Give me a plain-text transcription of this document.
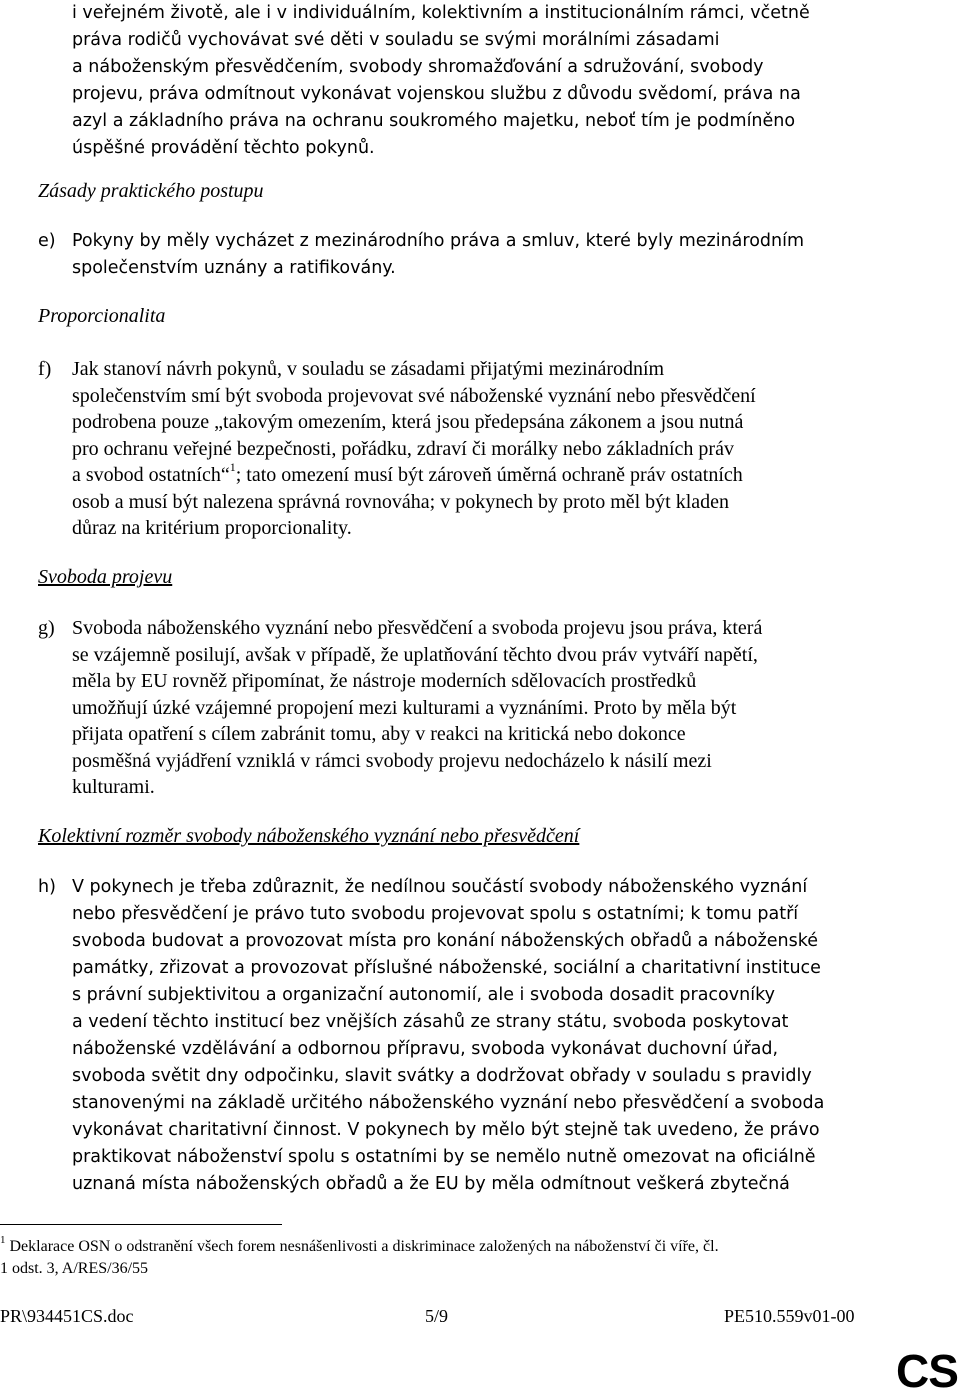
i veřejném životě, ale i v individuálním, kolektivním a institucionálním rámci, včetně
práva rodičů vychovávat své děti v souladu se svými morálními zásadami
a náboženským přesvědčením, svobody shromažďování a sdružování, svobody
projevu, práva odmítnout vykonávat vojenskou službu z důvodu svědomí, práva na
azyl a základního práva na ochranu soukromého majetku, neboť tím je podmíněno
úspěšné provádění těchto pokynů.
Zásady praktického postupu
e) Pokyny by měly vycházet z mezinárodního práva a smluv, které byly mezinárodním
společenstvím uznány a ratifikovány.
Proporcionalita
f) Jak stanoví návrh pokynů, v souladu se zásadami přijatými mezinárodním
společenstvím smí být svoboda projevovat své náboženské vyznání nebo přesvědčení
podrobena pouze „takovým omezením, která jsou předepsána zákonem a jsou nutná
pro ochranu veřejné bezpečnosti, pořádku, zdraví či morálky nebo základních práv
a svobod ostatních“$^1$; tato omezení musí být zároveň úměrná ochraně práv ostatních
osob a musí být nalezena správná rovnováha; v pokynech by proto měl být kladen
důraz na kritérium proporcionality.
Svoboda projevu
g) Svoboda náboženského vyznání nebo přesvědčení a svoboda projevu jsou práva, která
se vzájemně posilují, avšak v případě, že uplatňování těchto dvou práv vytváří napětí,
měla by EU rovněž připomínat, že nástroje moderních sdělovacích prostředků
umožňují úzké vzájemné propojení mezi kulturami a vyznáními. Proto by měla být
přijata opatření s cílem zabránit tomu, aby v reakci na kritická nebo dokonce
posměšná vyjádření vzniklá v rámci svobody projevu nedocházelo k násilí mezi
kulturami.
Kolektivní rozměr svobody náboženského vyznání nebo přesvědčení
h) V pokynech je třeba zdůraznit, že nedílnou součástí svobody náboženského vyznání
nebo přesvědčení je právo tuto svobodu projevovat spolu s ostatními; k tomu patří
svoboda budovat a provozovat místa pro konání náboženských obřadů a náboženské
památky, zřizovat a provozovat příslušné náboženské, sociální a charitativní instituce
s právní subjektivitou a organizační autonomií, ale i svoboda dosadit pracovníky
a vedení těchto institucí bez vnějších zásahů ze strany státu, svoboda poskytovat
náboženské vzdělávání a odbornou přípravu, svoboda vykonávat duchovní úřad,
svoboda světit dny odpočinku, slavit svátky a dodržovat obřady v souladu s pravidly
stanovenými na základě určitého náboženského vyznání nebo přesvědčení a svoboda
vykonávat charitativní činnost. V pokynech by mělo být stejně tak uvedeno, že právo
praktikovat náboženství spolu s ostatními by se nemělo nutně omezovat na oficiálně
uznaná místa náboženských obřadů a že EU by měla odmítnout veškerá zbytečná
$^1$ Deklarace OSN o odstranění všech forem nesnášenlivosti a diskriminace založených na náboženství či víře, čl.
1 odst. 3, A/RES/36/55
PR\934451CS.doc	5/9	PE510.559v01-00
CS
